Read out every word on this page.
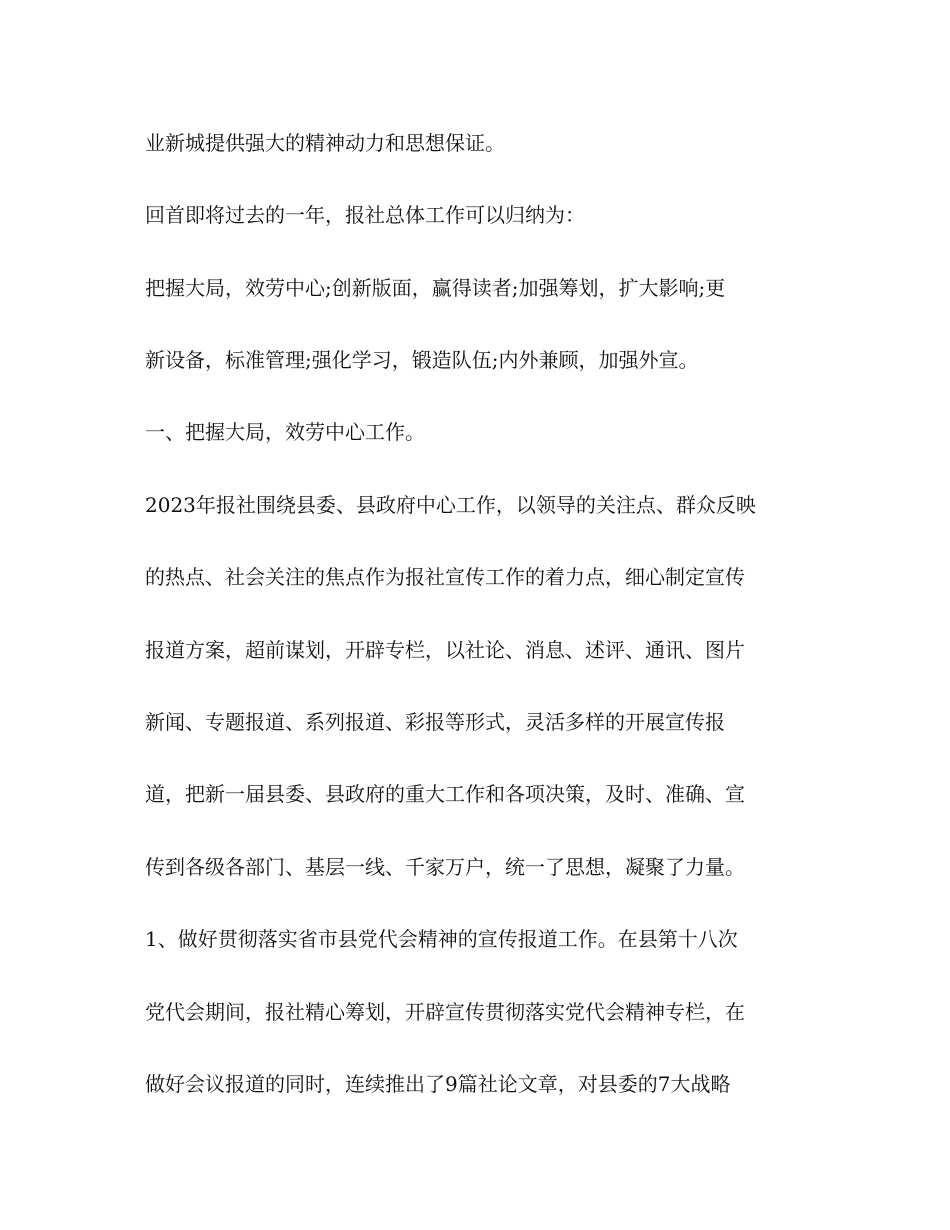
业新城提供强大的精神动力和思想保证。

回首即将过去的一年，报社总体工作可以归纳为：

把握大局，效劳中心;创新版面，赢得读者;加强筹划，扩大影响;更

新设备，标准管理;强化学习，锻造队伍;内外兼顾，加强外宣。

一、把握大局，效劳中心工作。

2023年报社围绕县委、县政府中心工作，以领导的关注点、群众反映

的热点、社会关注的焦点作为报社宣传工作的着力点，细心制定宣传

报道方案，超前谋划，开辟专栏，以社论、消息、述评、通讯、图片

新闻、专题报道、系列报道、彩报等形式，灵活多样的开展宣传报

道，把新一届县委、县政府的重大工作和各项决策，及时、准确、宣

传到各级各部门、基层一线、千家万户，统一了思想，凝聚了力量。

1、做好贯彻落实省市县党代会精神的宣传报道工作。在县第十八次

党代会期间，报社精心筹划，开辟宣传贯彻落实党代会精神专栏，在

做好会议报道的同时，连续推出了9篇社论文章，对县委的7大战略
